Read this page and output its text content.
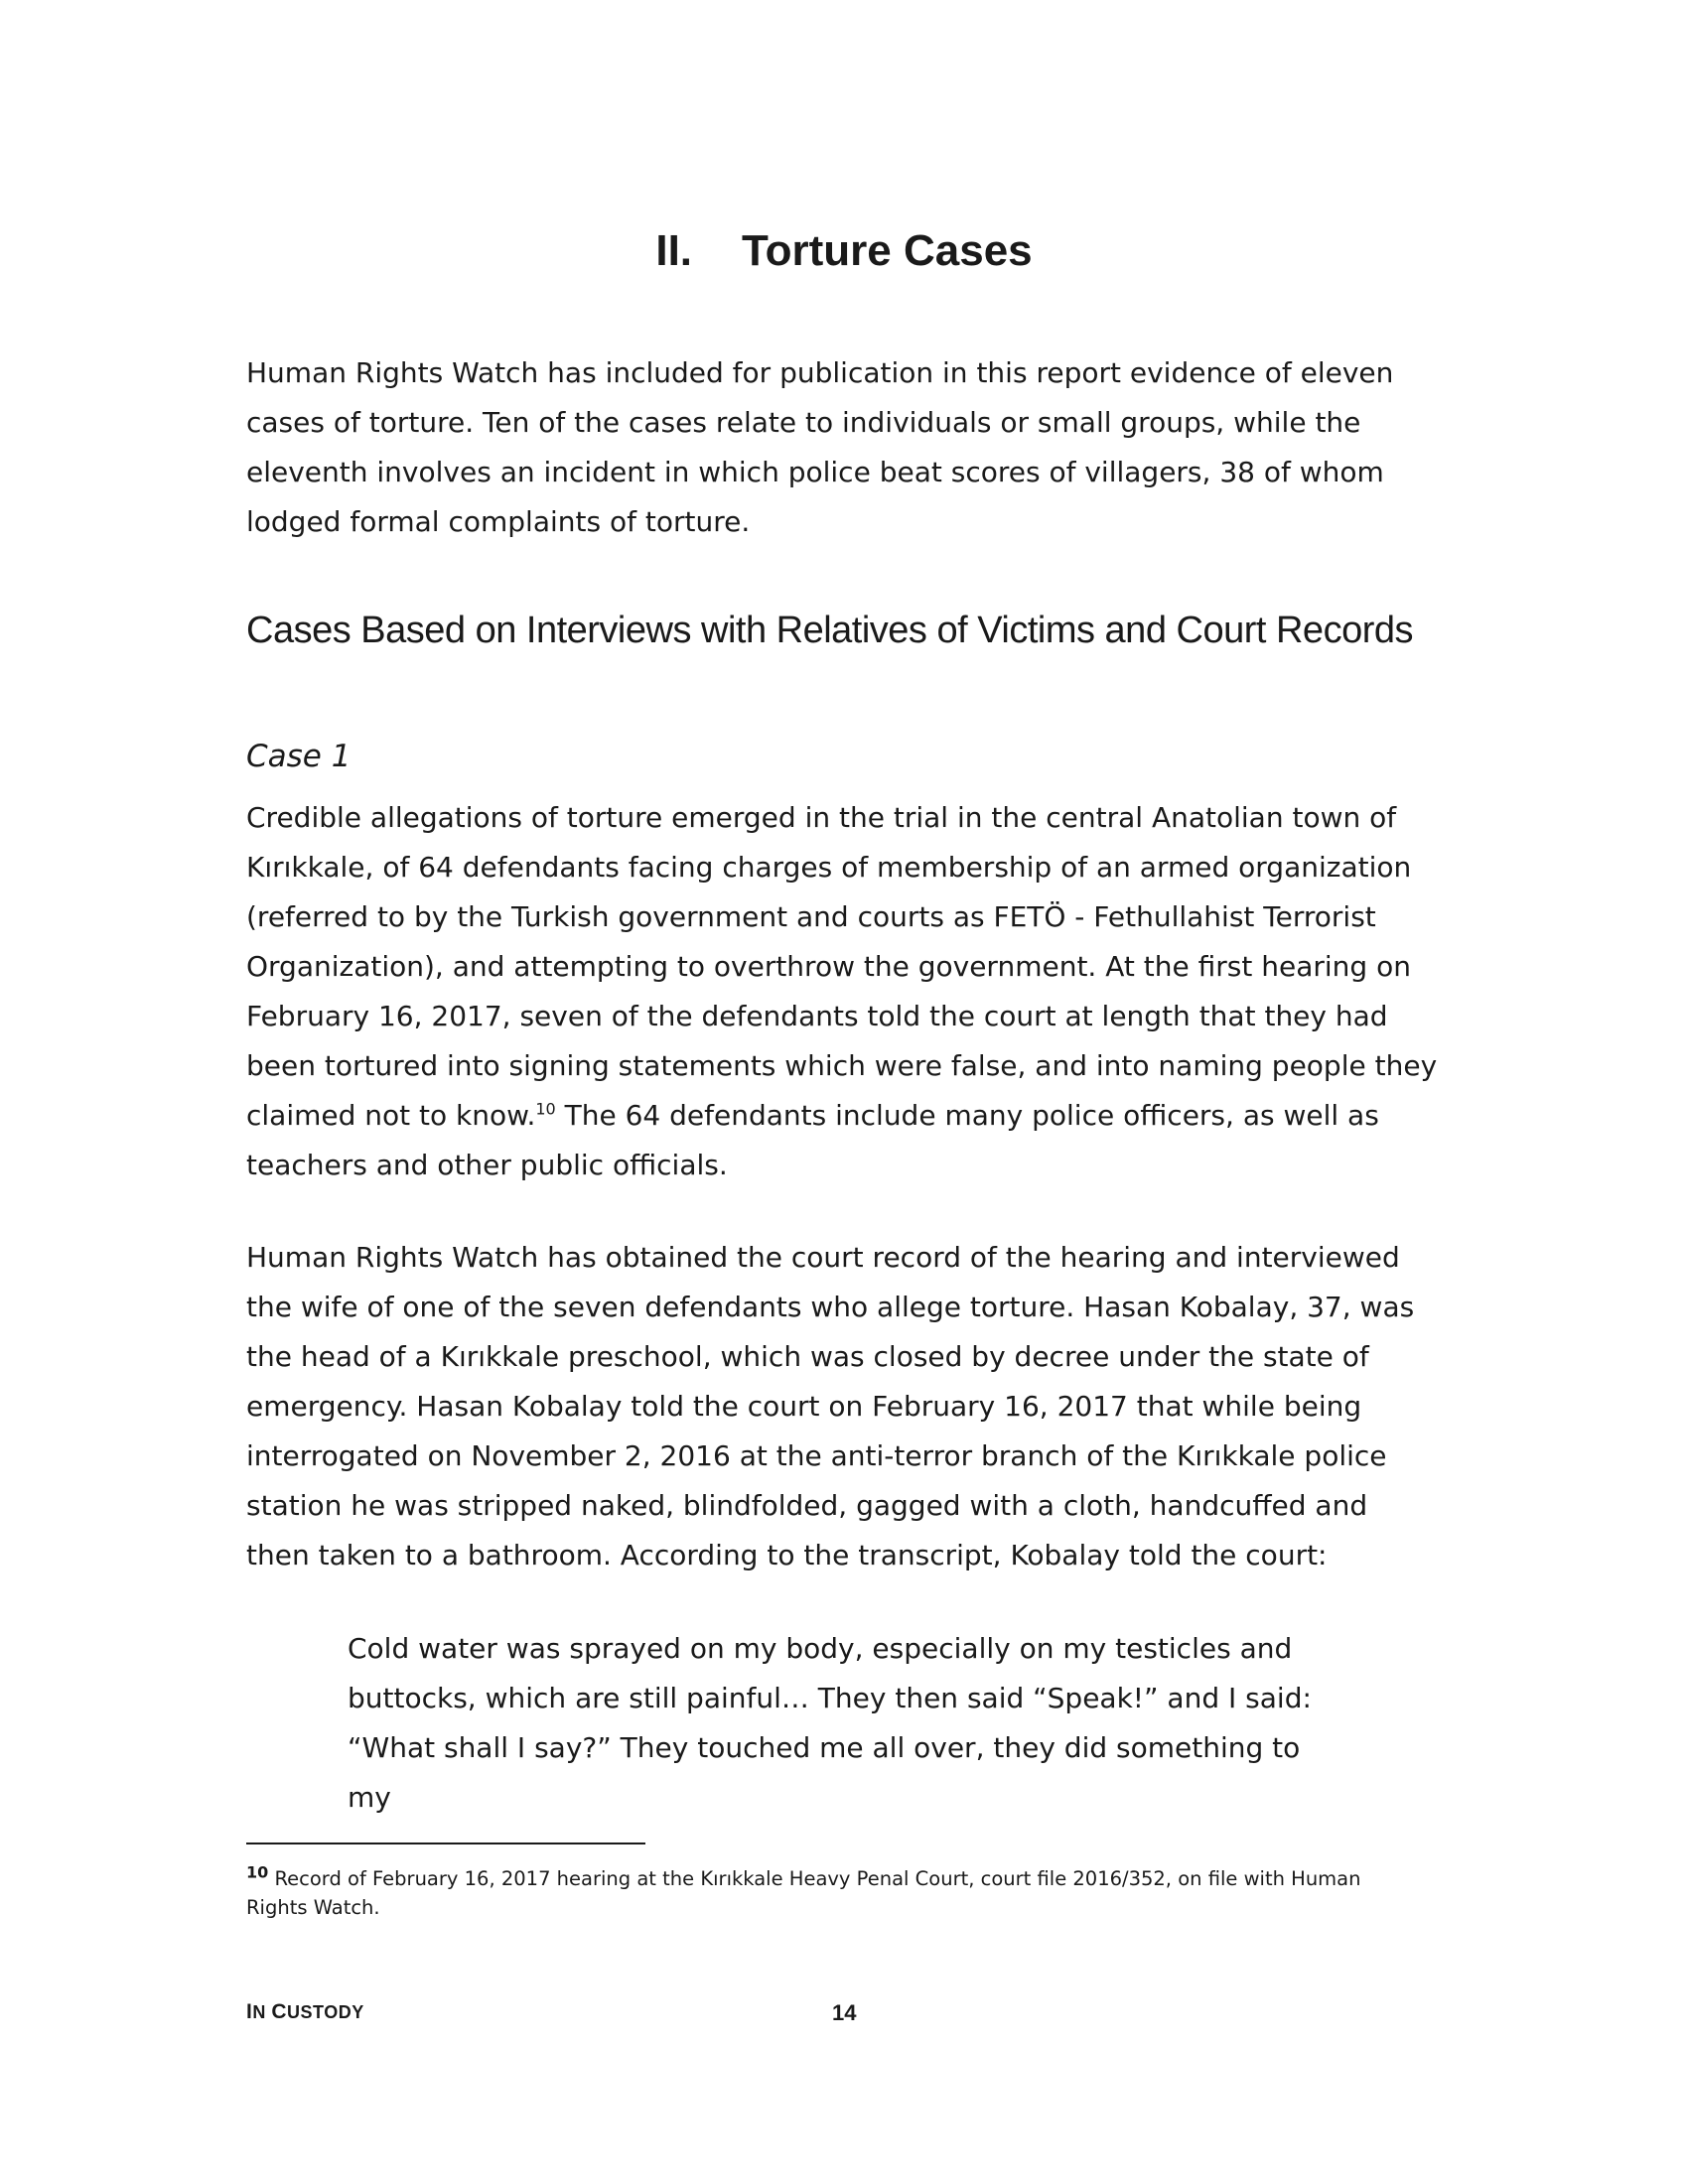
II. Torture Cases

Human Rights Watch has included for publication in this report evidence of eleven cases of torture. Ten of the cases relate to individuals or small groups, while the eleventh involves an incident in which police beat scores of villagers, 38 of whom lodged formal complaints of torture.

Cases Based on Interviews with Relatives of Victims and Court Records
Case 1

Credible allegations of torture emerged in the trial in the central Anatolian town of Kırıkkale, of 64 defendants facing charges of membership of an armed organization (referred to by the Turkish government and courts as FETÖ - Fethullahist Terrorist Organization), and attempting to overthrow the government. At the first hearing on February 16, 2017, seven of the defendants told the court at length that they had been tortured into signing statements which were false, and into naming people they claimed not to know.$^{10}$ The 64 defendants include many police officers, as well as teachers and other public officials.

Human Rights Watch has obtained the court record of the hearing and interviewed the wife of one of the seven defendants who allege torture. Hasan Kobalay, 37, was the head of a Kırıkkale preschool, which was closed by decree under the state of emergency. Hasan Kobalay told the court on February 16, 2017 that while being interrogated on November 2, 2016 at the anti-terror branch of the Kırıkkale police station he was stripped naked, blindfolded, gagged with a cloth, handcuffed and then taken to a bathroom. According to the transcript, Kobalay told the court:

Cold water was sprayed on my body, especially on my testicles and buttocks, which are still painful… They then said “Speak!” and I said: “What shall I say?” They touched me all over, they did something to my

$^{10}$ Record of February 16, 2017 hearing at the Kırıkkale Heavy Penal Court, court file 2016/352, on file with Human Rights Watch.

IN CUSTODY	14
